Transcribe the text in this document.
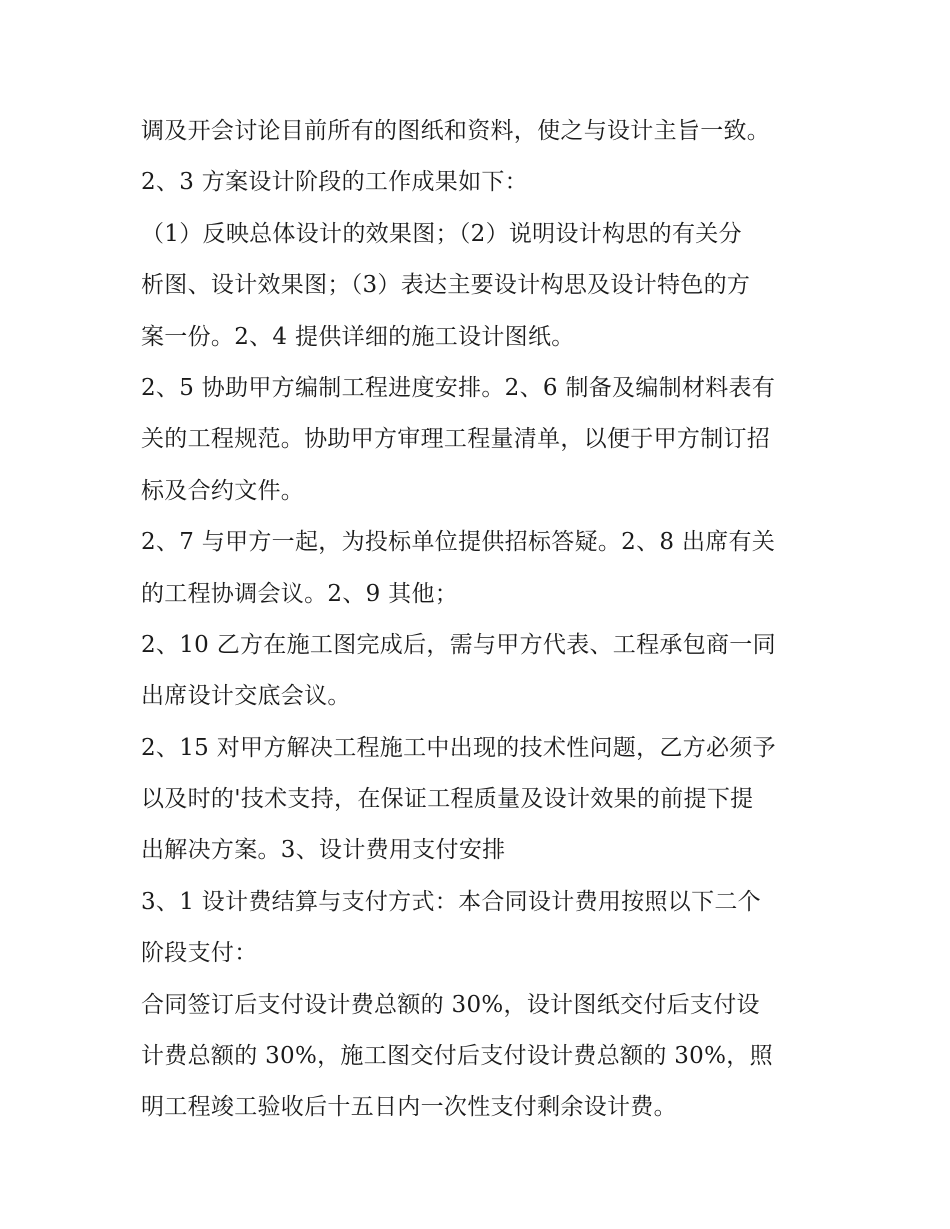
调及开会讨论目前所有的图纸和资料，使之与设计主旨一致。
2、3 方案设计阶段的工作成果如下：
（1）反映总体设计的效果图；（2）说明设计构思的有关分
析图、设计效果图；（3）表达主要设计构思及设计特色的方
案一份。2、4 提供详细的施工设计图纸。
2、5 协助甲方编制工程进度安排。2、6 制备及编制材料表有
关的工程规范。协助甲方审理工程量清单，以便于甲方制订招
标及合约文件。
2、7 与甲方一起，为投标单位提供招标答疑。2、8 出席有关
的工程协调会议。2、9 其他；
2、10 乙方在施工图完成后，需与甲方代表、工程承包商一同
出席设计交底会议。
2、15 对甲方解决工程施工中出现的技术性问题，乙方必须予
以及时的'技术支持，在保证工程质量及设计效果的前提下提
出解决方案。3、设计费用支付安排
3、1 设计费结算与支付方式：本合同设计费用按照以下二个
阶段支付：
合同签订后支付设计费总额的 30%，设计图纸交付后支付设
计费总额的 30%，施工图交付后支付设计费总额的 30%，照
明工程竣工验收后十五日内一次性支付剩余设计费。
